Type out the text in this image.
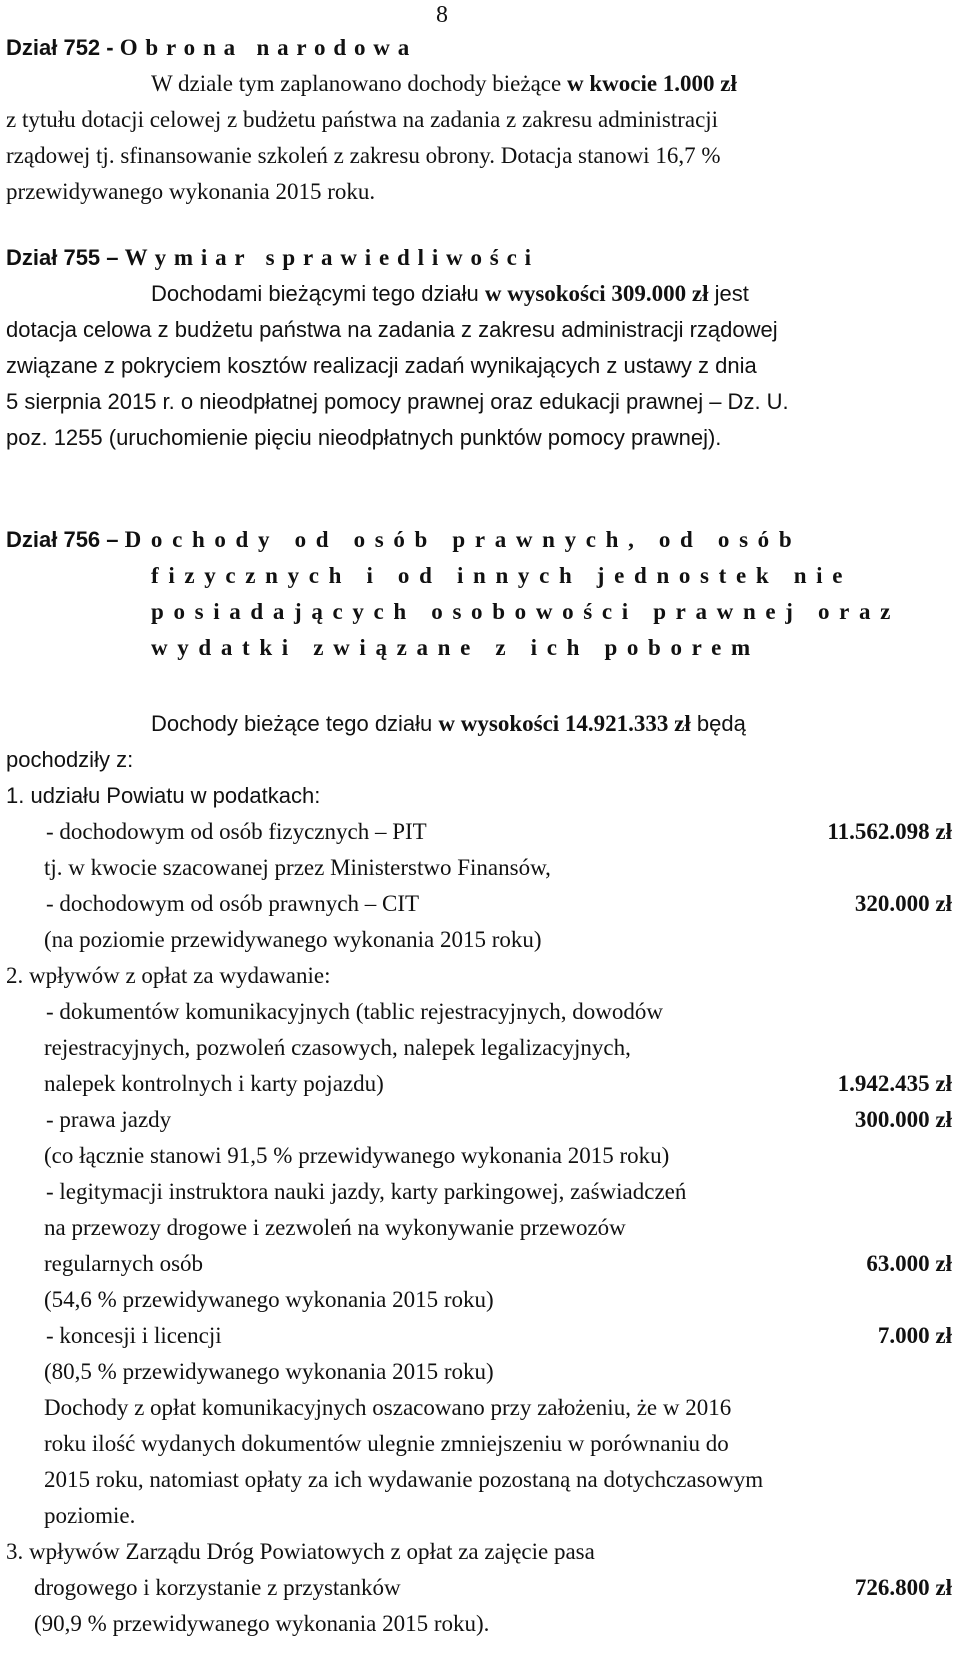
8
Dział 752 - Obrona narodowa
W dziale tym zaplanowano dochody bieżące w kwocie 1.000 zł
z tytułu dotacji celowej z budżetu państwa na zadania z zakresu administracji
rządowej tj. sfinansowanie szkoleń z zakresu obrony. Dotacja stanowi 16,7 %
przewidywanego wykonania 2015 roku.
Dział 755 – Wymiar sprawiedliwości
Dochodami bieżącymi tego działu w wysokości 309.000 zł jest
dotacja celowa z budżetu państwa na zadania z zakresu administracji rządowej
związane z pokryciem kosztów realizacji zadań wynikających z ustawy z dnia
5 sierpnia 2015 r. o nieodpłatnej pomocy prawnej oraz edukacji prawnej – Dz. U.
poz. 1255 (uruchomienie pięciu nieodpłatnych punktów pomocy prawnej).
Dział 756 – Dochody od osób prawnych, od osób
fizycznych i od innych jednostek nie
posiadających osobowości prawnej oraz
wydatki związane z ich poborem
Dochody bieżące tego działu w wysokości 14.921.333 zł będą
pochodziły z:
1. udziału Powiatu w podatkach:
- dochodowym od osób fizycznych – PIT	11.562.098 zł
tj. w kwocie szacowanej przez Ministerstwo Finansów,
- dochodowym od osób prawnych – CIT	320.000 zł
(na poziomie przewidywanego wykonania 2015 roku)
2. wpływów z opłat za wydawanie:
- dokumentów komunikacyjnych (tablic rejestracyjnych, dowodów
rejestracyjnych, pozwoleń czasowych, nalepek legalizacyjnych,
nalepek kontrolnych i karty pojazdu)	1.942.435 zł
- prawa jazdy	300.000 zł
(co łącznie stanowi 91,5 % przewidywanego wykonania 2015 roku)
- legitymacji instruktora nauki jazdy, karty parkingowej, zaświadczeń
na przewozy drogowe i zezwoleń na wykonywanie przewozów
regularnych osób	63.000 zł
(54,6 % przewidywanego wykonania 2015 roku)
- koncesji i licencji	7.000 zł
(80,5 % przewidywanego wykonania 2015 roku)
Dochody z opłat komunikacyjnych oszacowano przy założeniu, że w 2016
roku ilość wydanych dokumentów ulegnie zmniejszeniu w porównaniu do
2015 roku, natomiast opłaty za ich wydawanie pozostaną na dotychczasowym
poziomie.
3. wpływów Zarządu Dróg Powiatowych z opłat za zajęcie pasa
drogowego i korzystanie z przystanków	726.800 zł
(90,9 % przewidywanego wykonania 2015 roku).
